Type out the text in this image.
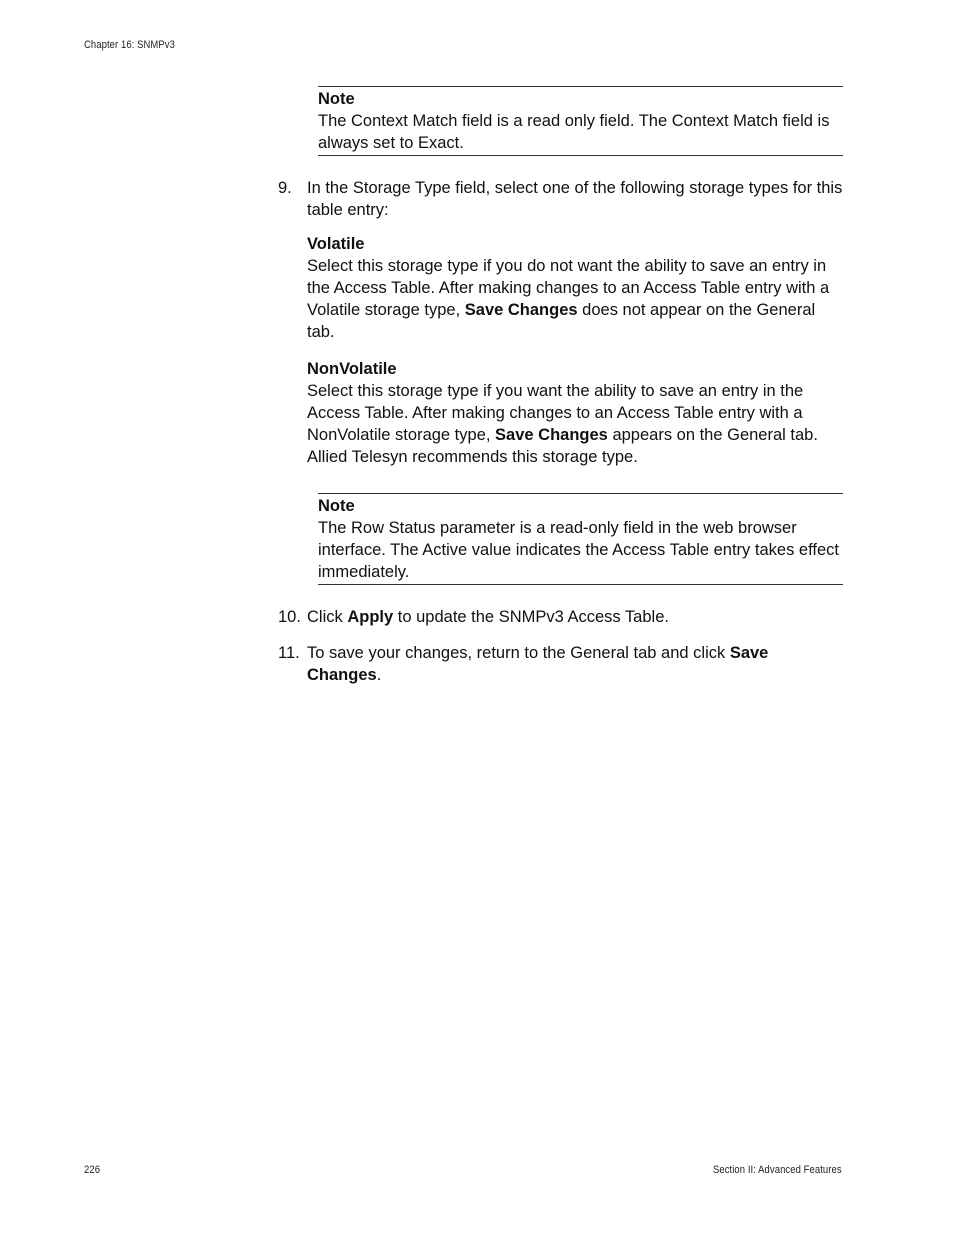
Chapter 16: SNMPv3
Note
The Context Match field is a read only field. The Context Match field is always set to Exact.
9. In the Storage Type field, select one of the following storage types for this table entry:
Volatile
Select this storage type if you do not want the ability to save an entry in the Access Table. After making changes to an Access Table entry with a Volatile storage type, Save Changes does not appear on the General tab.
NonVolatile
Select this storage type if you want the ability to save an entry in the Access Table. After making changes to an Access Table entry with a NonVolatile storage type, Save Changes appears on the General tab. Allied Telesyn recommends this storage type.
Note
The Row Status parameter is a read-only field in the web browser interface. The Active value indicates the Access Table entry takes effect immediately.
10. Click Apply to update the SNMPv3 Access Table.
11. To save your changes, return to the General tab and click Save Changes.
226	Section II: Advanced Features
